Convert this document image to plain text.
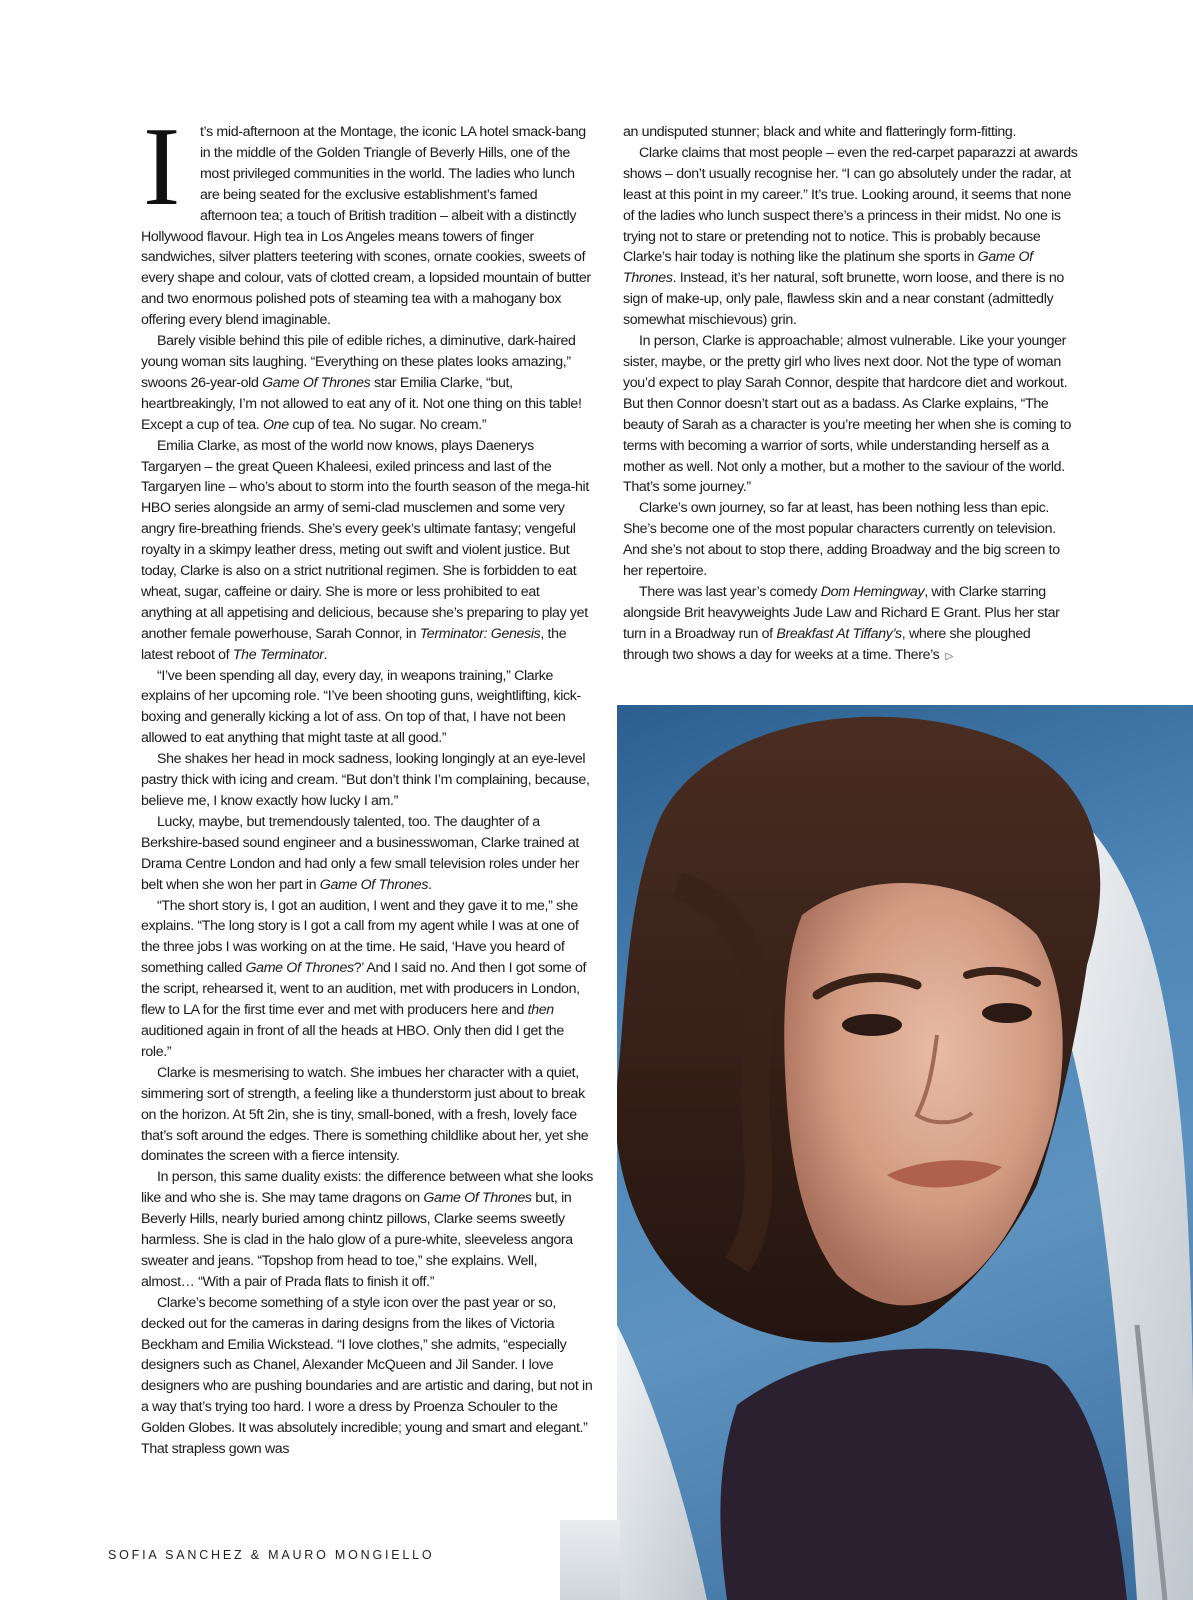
I t’s mid-afternoon at the Montage, the iconic LA hotel smack-bang in the middle of the Golden Triangle of Beverly Hills, one of the most privileged communities in the world. The ladies who lunch are being seated for the exclusive establishment’s famed afternoon tea; a touch of British tradition – albeit with a distinctly Hollywood flavour. High tea in Los Angeles means towers of finger sandwiches, silver platters teetering with scones, ornate cookies, sweets of every shape and colour, vats of clotted cream, a lopsided mountain of butter and two enormous polished pots of steaming tea with a mahogany box offering every blend imaginable.

Barely visible behind this pile of edible riches, a diminutive, dark-haired young woman sits laughing. “Everything on these plates looks amazing,” swoons 26-year-old Game Of Thrones star Emilia Clarke, “but, heartbreakingly, I’m not allowed to eat any of it. Not one thing on this table! Except a cup of tea. One cup of tea. No sugar. No cream.”

Emilia Clarke, as most of the world now knows, plays Daenerys Targaryen – the great Queen Khaleesi, exiled princess and last of the Targaryen line – who’s about to storm into the fourth season of the mega-hit HBO series alongside an army of semi-clad musclemen and some very angry fire-breathing friends. She’s every geek’s ultimate fantasy; vengeful royalty in a skimpy leather dress, meting out swift and violent justice. But today, Clarke is also on a strict nutritional regimen. She is forbidden to eat wheat, sugar, caffeine or dairy. She is more or less prohibited to eat anything at all appetising and delicious, because she’s preparing to play yet another female powerhouse, Sarah Connor, in Terminator: Genesis, the latest reboot of The Terminator.

“I’ve been spending all day, every day, in weapons training,” Clarke explains of her upcoming role. “I’ve been shooting guns, weightlifting, kick-boxing and generally kicking a lot of ass. On top of that, I have not been allowed to eat anything that might taste at all good.”

She shakes her head in mock sadness, looking longingly at an eye-level pastry thick with icing and cream. “But don’t think I’m complaining, because, believe me, I know exactly how lucky I am.”

Lucky, maybe, but tremendously talented, too. The daughter of a Berkshire-based sound engineer and a businesswoman, Clarke trained at Drama Centre London and had only a few small television roles under her belt when she won her part in Game Of Thrones.

“The short story is, I got an audition, I went and they gave it to me,” she explains. “The long story is I got a call from my agent while I was at one of the three jobs I was working on at the time. He said, ‘Have you heard of something called Game Of Thrones?’ And I said no. And then I got some of the script, rehearsed it, went to an audition, met with producers in London, flew to LA for the first time ever and met with producers here and then auditioned again in front of all the heads at HBO. Only then did I get the role.”

Clarke is mesmerising to watch. She imbues her character with a quiet, simmering sort of strength, a feeling like a thunderstorm just about to break on the horizon. At 5ft 2in, she is tiny, small-boned, with a fresh, lovely face that’s soft around the edges. There is something childlike about her, yet she dominates the screen with a fierce intensity.

In person, this same duality exists: the difference between what she looks like and who she is. She may tame dragons on Game Of Thrones but, in Beverly Hills, nearly buried among chintz pillows, Clarke seems sweetly harmless. She is clad in the halo glow of a pure-white, sleeveless angora sweater and jeans. “Topshop from head to toe,” she explains. Well, almost… “With a pair of Prada flats to finish it off.”

Clarke’s become something of a style icon over the past year or so, decked out for the cameras in daring designs from the likes of Victoria Beckham and Emilia Wickstead. “I love clothes,” she admits, “especially designers such as Chanel, Alexander McQueen and Jil Sander. I love designers who are pushing boundaries and are artistic and daring, but not in a way that’s trying too hard. I wore a dress by Proenza Schouler to the Golden Globes. It was absolutely incredible; young and smart and elegant.” That strapless gown was

an undisputed stunner; black and white and flatteringly form-fitting.

Clarke claims that most people – even the red-carpet paparazzi at awards shows – don’t usually recognise her. “I can go absolutely under the radar, at least at this point in my career.” It’s true. Looking around, it seems that none of the ladies who lunch suspect there’s a princess in their midst. No one is trying not to stare or pretending not to notice. This is probably because Clarke’s hair today is nothing like the platinum she sports in Game Of Thrones. Instead, it’s her natural, soft brunette, worn loose, and there is no sign of make-up, only pale, flawless skin and a near constant (admittedly somewhat mischievous) grin.

In person, Clarke is approachable; almost vulnerable. Like your younger sister, maybe, or the pretty girl who lives next door. Not the type of woman you’d expect to play Sarah Connor, despite that hardcore diet and workout. But then Connor doesn’t start out as a badass. As Clarke explains, “The beauty of Sarah as a character is you’re meeting her when she is coming to terms with becoming a warrior of sorts, while understanding herself as a mother as well. Not only a mother, but a mother to the saviour of the world. That’s some journey.”

Clarke’s own journey, so far at least, has been nothing less than epic. She’s become one of the most popular characters currently on television. And she’s not about to stop there, adding Broadway and the big screen to her repertoire.

There was last year’s comedy Dom Hemingway, with Clarke starring alongside Brit heavyweights Jude Law and Richard E Grant. Plus her star turn in a Broadway run of Breakfast At Tiffany’s, where she ploughed through two shows a day for weeks at a time. There’s ▷

SOFIA SANCHEZ & MAURO MONGIELLO
